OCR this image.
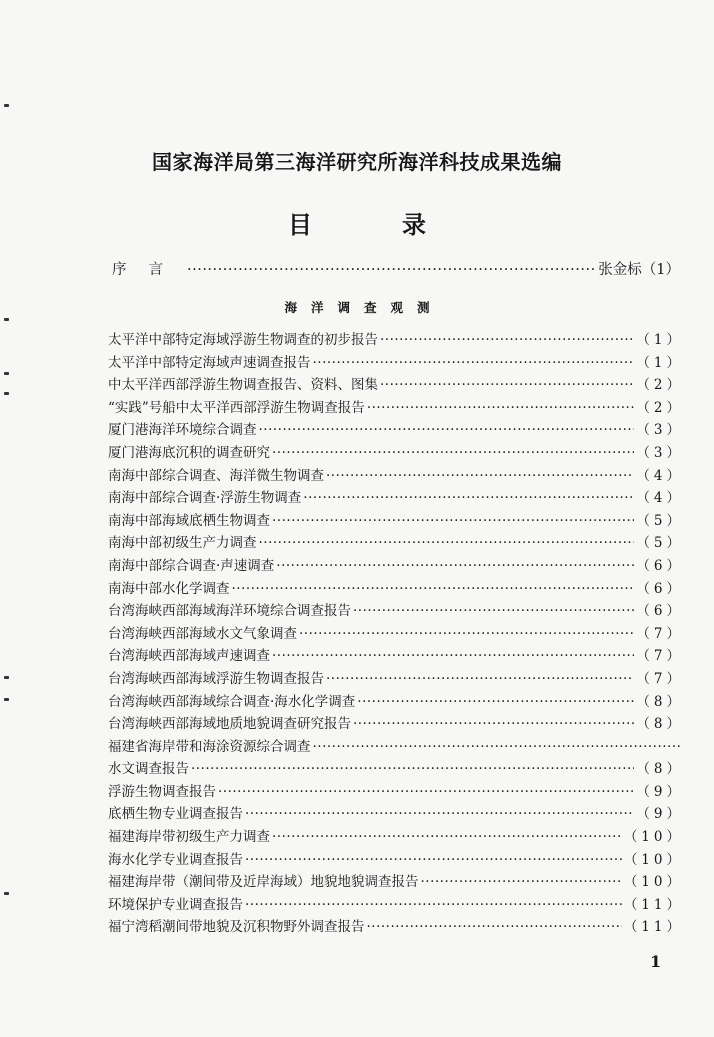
国家海洋局第三海洋研究所海洋科技成果选编
目录
序言 ·····	张金标（1）
海洋调查观测
太平洋中部特定海域浮游生物调查的初步报告 ·····	（1）
太平洋中部特定海域声速调查报告 ·····	（1）
中太平洋西部浮游生物调查报告、资料、图集 ·····	（2）
“实践”号船中太平洋西部浮游生物调查报告 ·····	（2）
厦门港海洋环境综合调查 ·····	（3）
厦门港海底沉积的调查研究 ·····	（3）
南海中部综合调查、海洋微生物调查 ·····	（4）
南海中部综合调查·浮游生物调查 ·····	（4）
南海中部海域底栖生物调查 ·····	（5）
南海中部初级生产力调查 ·····	（5）
南海中部综合调查·声速调查 ·····	（6）
南海中部水化学调查 ·····	（6）
台湾海峡西部海域海洋环境综合调查报告 ·····	（6）
台湾海峡西部海域水文气象调查 ·····	（7）
台湾海峡西部海域声速调查 ·····	（7）
台湾海峡西部海域浮游生物调查报告 ·····	（7）
台湾海峡西部海域综合调查·海水化学调查 ·····	（8）
台湾海峡西部海域地质地貌调查研究报告 ·····	（8）
福建省海岸带和海涂资源综合调查
·····
水文调查报告 ·····	（8）
浮游生物调查报告 ·····	（9）
底栖生物专业调查报告 ·····	（9）
福建海岸带初级生产力调查 ·····	（10）
海水化学专业调查报告 ·····	（10）
福建海岸带（潮间带及近岸海域）地貌地貌调查报告 ·····	（10）
环境保护专业调查报告 ·····	（11）
福宁湾稻潮间带地貌及沉积物野外调查报告 ·····	（11）
1
